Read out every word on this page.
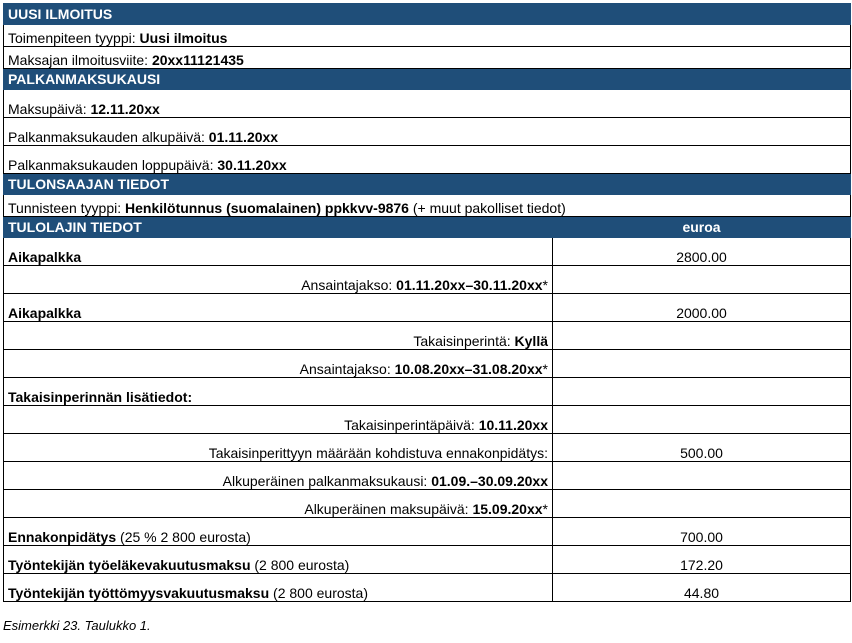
UUSI ILMOITUS	
Toimenpiteen tyyppi: Uusi ilmoitus	
Maksajan ilmoitusviite: 20xx11121435	
PALKANMAKSUKAUSI	
Maksupäivä: 12.11.20xx	
Palkanmaksukauden alkupäivä: 01.11.20xx	
Palkanmaksukauden loppupäivä: 30.11.20xx	
TULONSAAJAN TIEDOT	
Tunnisteen tyyppi: Henkilötunnus (suomalainen) ppkkvv-9876 (+ muut pakolliset tiedot)	
TULOLAJIN TIEDOT	euroa
Aikapalkka	2800.00
Ansaintajakso: 01.11.20xx–30.11.20xx*	
Aikapalkka	2000.00
Takaisinperintä: Kyllä	
Ansaintajakso: 10.08.20xx–31.08.20xx*	
Takaisinperinnän lisätiedot:	
Takaisinperintäpäivä: 10.11.20xx	
Takaisinperittyyn määrään kohdistuva ennakonpidätys:	500.00
Alkuperäinen palkanmaksukausi: 01.09.–30.09.20xx	
Alkuperäinen maksupäivä: 15.09.20xx*	
Ennakonpidätys (25 % 2 800 eurosta)	700.00
Työntekijän työeläkevakuutusmaksu (2 800 eurosta)	172.20
Työntekijän työttömyysvakuutusmaksu (2 800 eurosta)	44.80
Esimerkki 23. Taulukko 1.
